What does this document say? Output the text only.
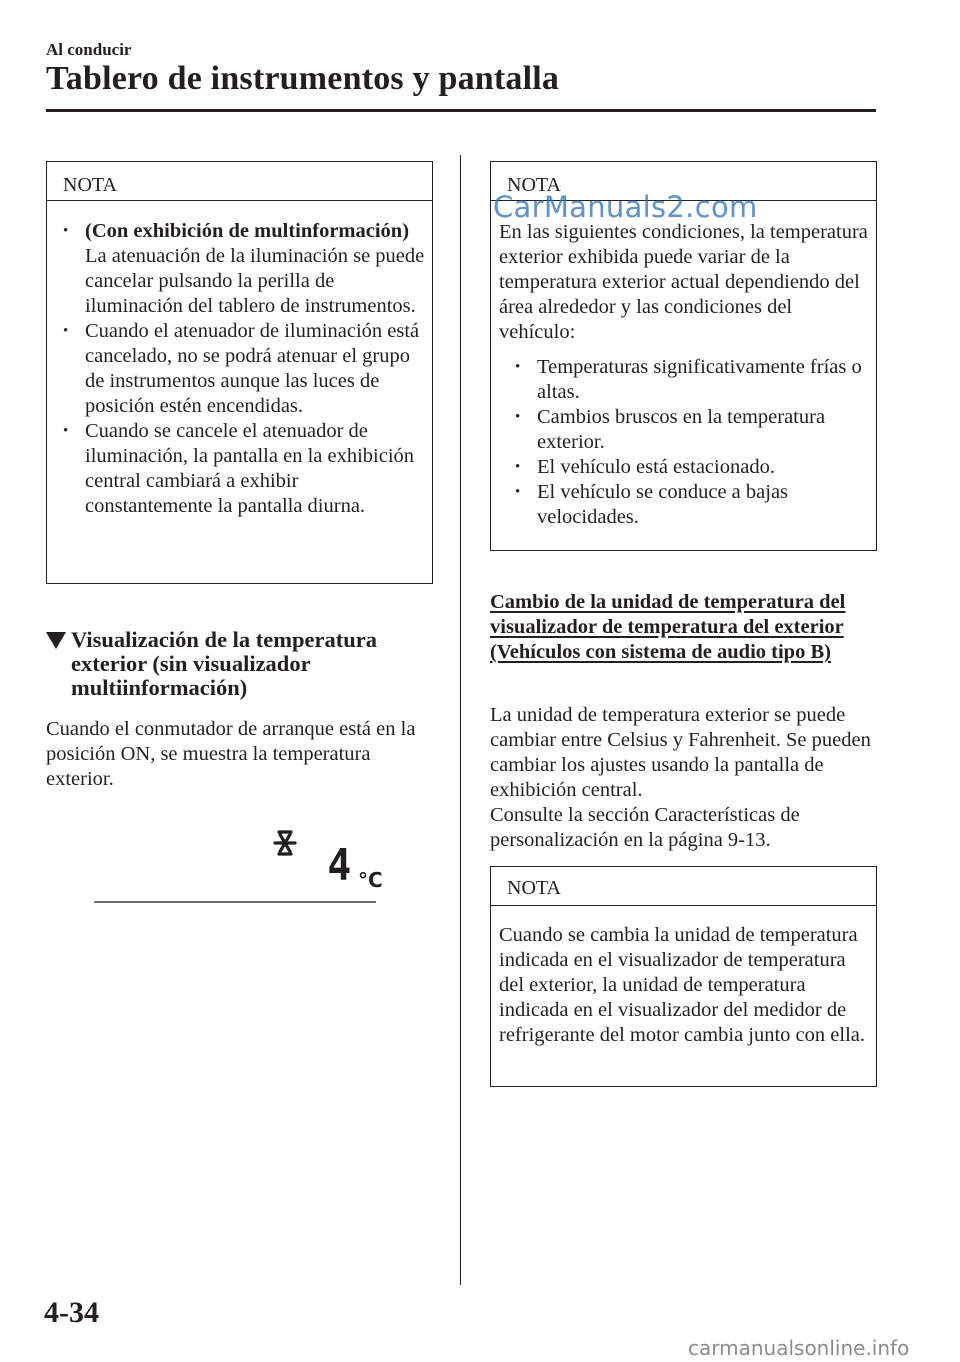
Al conducir
Tablero de instrumentos y pantalla
NOTA
• (Con exhibición de multinformación)
La atenuación de la iluminación se puede cancelar pulsando la perilla de iluminación del tablero de instrumentos.
• Cuando el atenuador de iluminación está cancelado, no se podrá atenuar el grupo de instrumentos aunque las luces de posición estén encendidas.
• Cuando se cancele el atenuador de iluminación, la pantalla en la exhibición central cambiará a exhibir constantemente la pantalla diurna.
Visualización de la temperatura exterior (sin visualizador multiinformación)
Cuando el conmutador de arranque está en la posición ON, se muestra la temperatura exterior.
4 °C
NOTA
En las siguientes condiciones, la temperatura exterior exhibida puede variar de la temperatura exterior actual dependiendo del área alrededor y las condiciones del vehículo:
• Temperaturas significativamente frías o altas.
• Cambios bruscos en la temperatura exterior.
• El vehículo está estacionado.
• El vehículo se conduce a bajas velocidades.
CarManuals2.com
Cambio de la unidad de temperatura del visualizador de temperatura del exterior (Vehículos con sistema de audio tipo B)
La unidad de temperatura exterior se puede cambiar entre Celsius y Fahrenheit. Se pueden cambiar los ajustes usando la pantalla de exhibición central.
Consulte la sección Características de personalización en la página 9-13.
NOTA
Cuando se cambia la unidad de temperatura indicada en el visualizador de temperatura del exterior, la unidad de temperatura indicada en el visualizador del medidor de refrigerante del motor cambia junto con ella.
4-34
carmanualsonline.info
